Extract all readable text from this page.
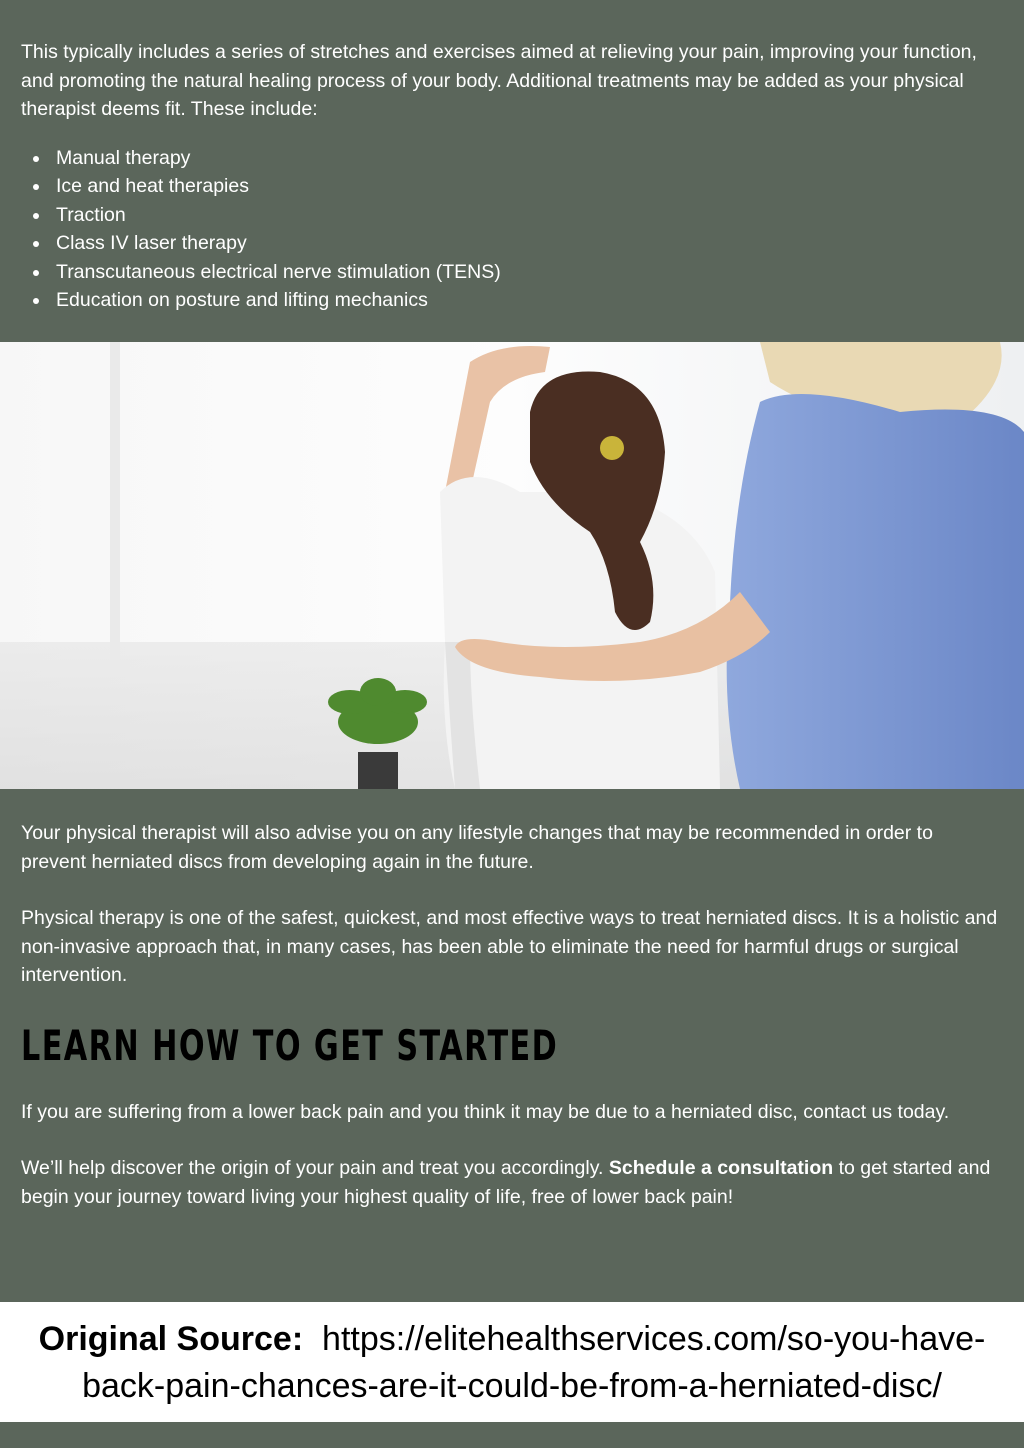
This typically includes a series of stretches and exercises aimed at relieving your pain, improving your function, and promoting the natural healing process of your body. Additional treatments may be added as your physical therapist deems fit. These include:

Manual therapy
Ice and heat therapies
Traction
Class IV laser therapy
Transcutaneous electrical nerve stimulation (TENS)
Education on posture and lifting mechanics

Your physical therapist will also advise you on any lifestyle changes that may be recommended in order to prevent herniated discs from developing again in the future.

Physical therapy is one of the safest, quickest, and most effective ways to treat herniated discs. It is a holistic and non-invasive approach that, in many cases, has been able to eliminate the need for harmful drugs or surgical intervention.

LEARN HOW TO GET STARTED

If you are suffering from a lower back pain and you think it may be due to a herniated disc, contact us today.

We’ll help discover the origin of your pain and treat you accordingly. Schedule a consultation to get started and begin your journey toward living your highest quality of life, free of lower back pain!

Original Source: https://elitehealthservices.com/so-you-have-back-pain-chances-are-it-could-be-from-a-herniated-disc/
